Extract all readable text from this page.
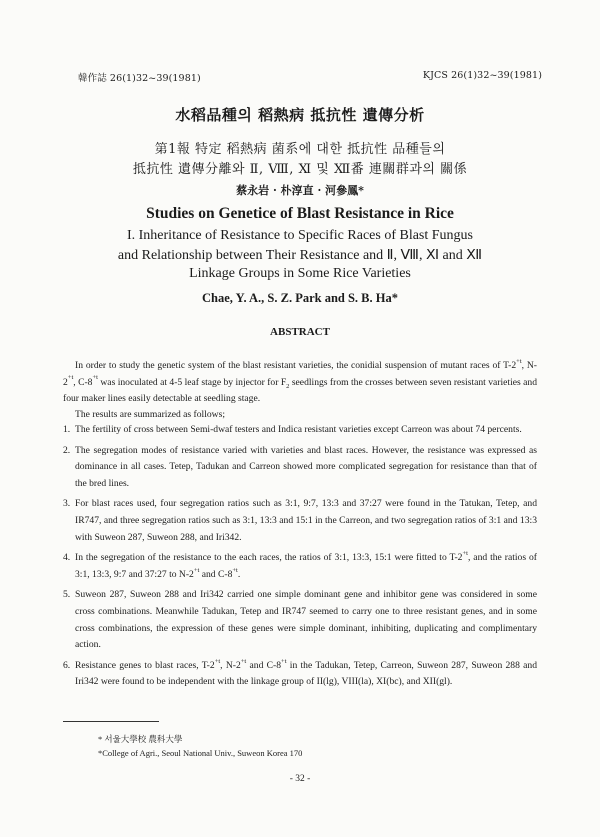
韓作誌 26(1)32~39(1981)	KJCS 26(1)32~39(1981)
水稻品種의 稻熱病 抵抗性 遺傳分析
第1報 特定 稻熱病 菌系에 대한 抵抗性 品種들의
抵抗性 遺傳分離와 Ⅱ, Ⅷ, Ⅺ 및 Ⅻ番 連關群과의 關係
蔡永岩 · 朴淳直 · 河參鳳*
Studies on Genetice of Blast Resistance in Rice
I. Inheritance of Resistance to Specific Races of Blast Fungus
and Relationship between Their Resistance and Ⅱ, Ⅷ, Ⅺ and Ⅻ
Linkage Groups in Some Rice Varieties
Chae, Y. A., S. Z. Park and S. B. Ha*
ABSTRACT
In order to study the genetic system of the blast resistant varieties, the conidial suspension of mutant races of $T-2^{+t}$, $N-2^{+t}$, $C-8^{+t}$ was inoculated at 4-5 leaf stage by injector for $F_2$ seedlings from the crosses between seven resistant varieties and four maker lines easily detectable at seedling stage.
The results are summarized as follows;
1. The fertility of cross between Semi-dwaf testers and Indica resistant varieties except Carreon was about 74 percents.
2. The segregation modes of resistance varied with varieties and blast races. However, the resistance was expressed as dominance in all cases. Tetep, Tadukan and Carreon showed more complicated segregation for resistance than that of the bred lines.
3. For blast races used, four segregation ratios such as 3:1, 9:7, 13:3 and 37:27 were found in the Tatukan, Tetep, and IR747, and three segregation ratios such as 3:1, 13:3 and 15:1 in the Carreon, and two segregation ratios of 3:1 and 13:3 with Suweon 287, Suweon 288, and Iri342.
4. In the segregation of the resistance to the each races, the ratios of 3:1, 13:3, 15:1 were fitted to $T-2^{+t}$, and the ratios of 3:1, 13:3, 9:7 and 37:27 to $N-2^{+t}$ and $C-8^{+t}$.
5. Suweon 287, Suweon 288 and Iri342 carried one simple dominant gene and inhibitor gene was considered in some cross combinations. Meanwhile Tadukan, Tetep and IR747 seemed to carry one to three resistant genes, and in some cross combinations, the expression of these genes were simple dominant, inhibiting, duplicating and complimentary action.
6. Resistance genes to blast races, $T-2^{+t}$, $N-2^{+t}$ and $C-8^{+t}$ in the Tadukan, Tetep, Carreon, Suweon 287, Suweon 288 and Iri342 were found to be independent with the linkage group of II(lg), VIII(la), XI(bc), and XII(gl).
* 서울大學校 農科大學
*College of Agri., Seoul National Univ., Suweon Korea 170
- 32 -
